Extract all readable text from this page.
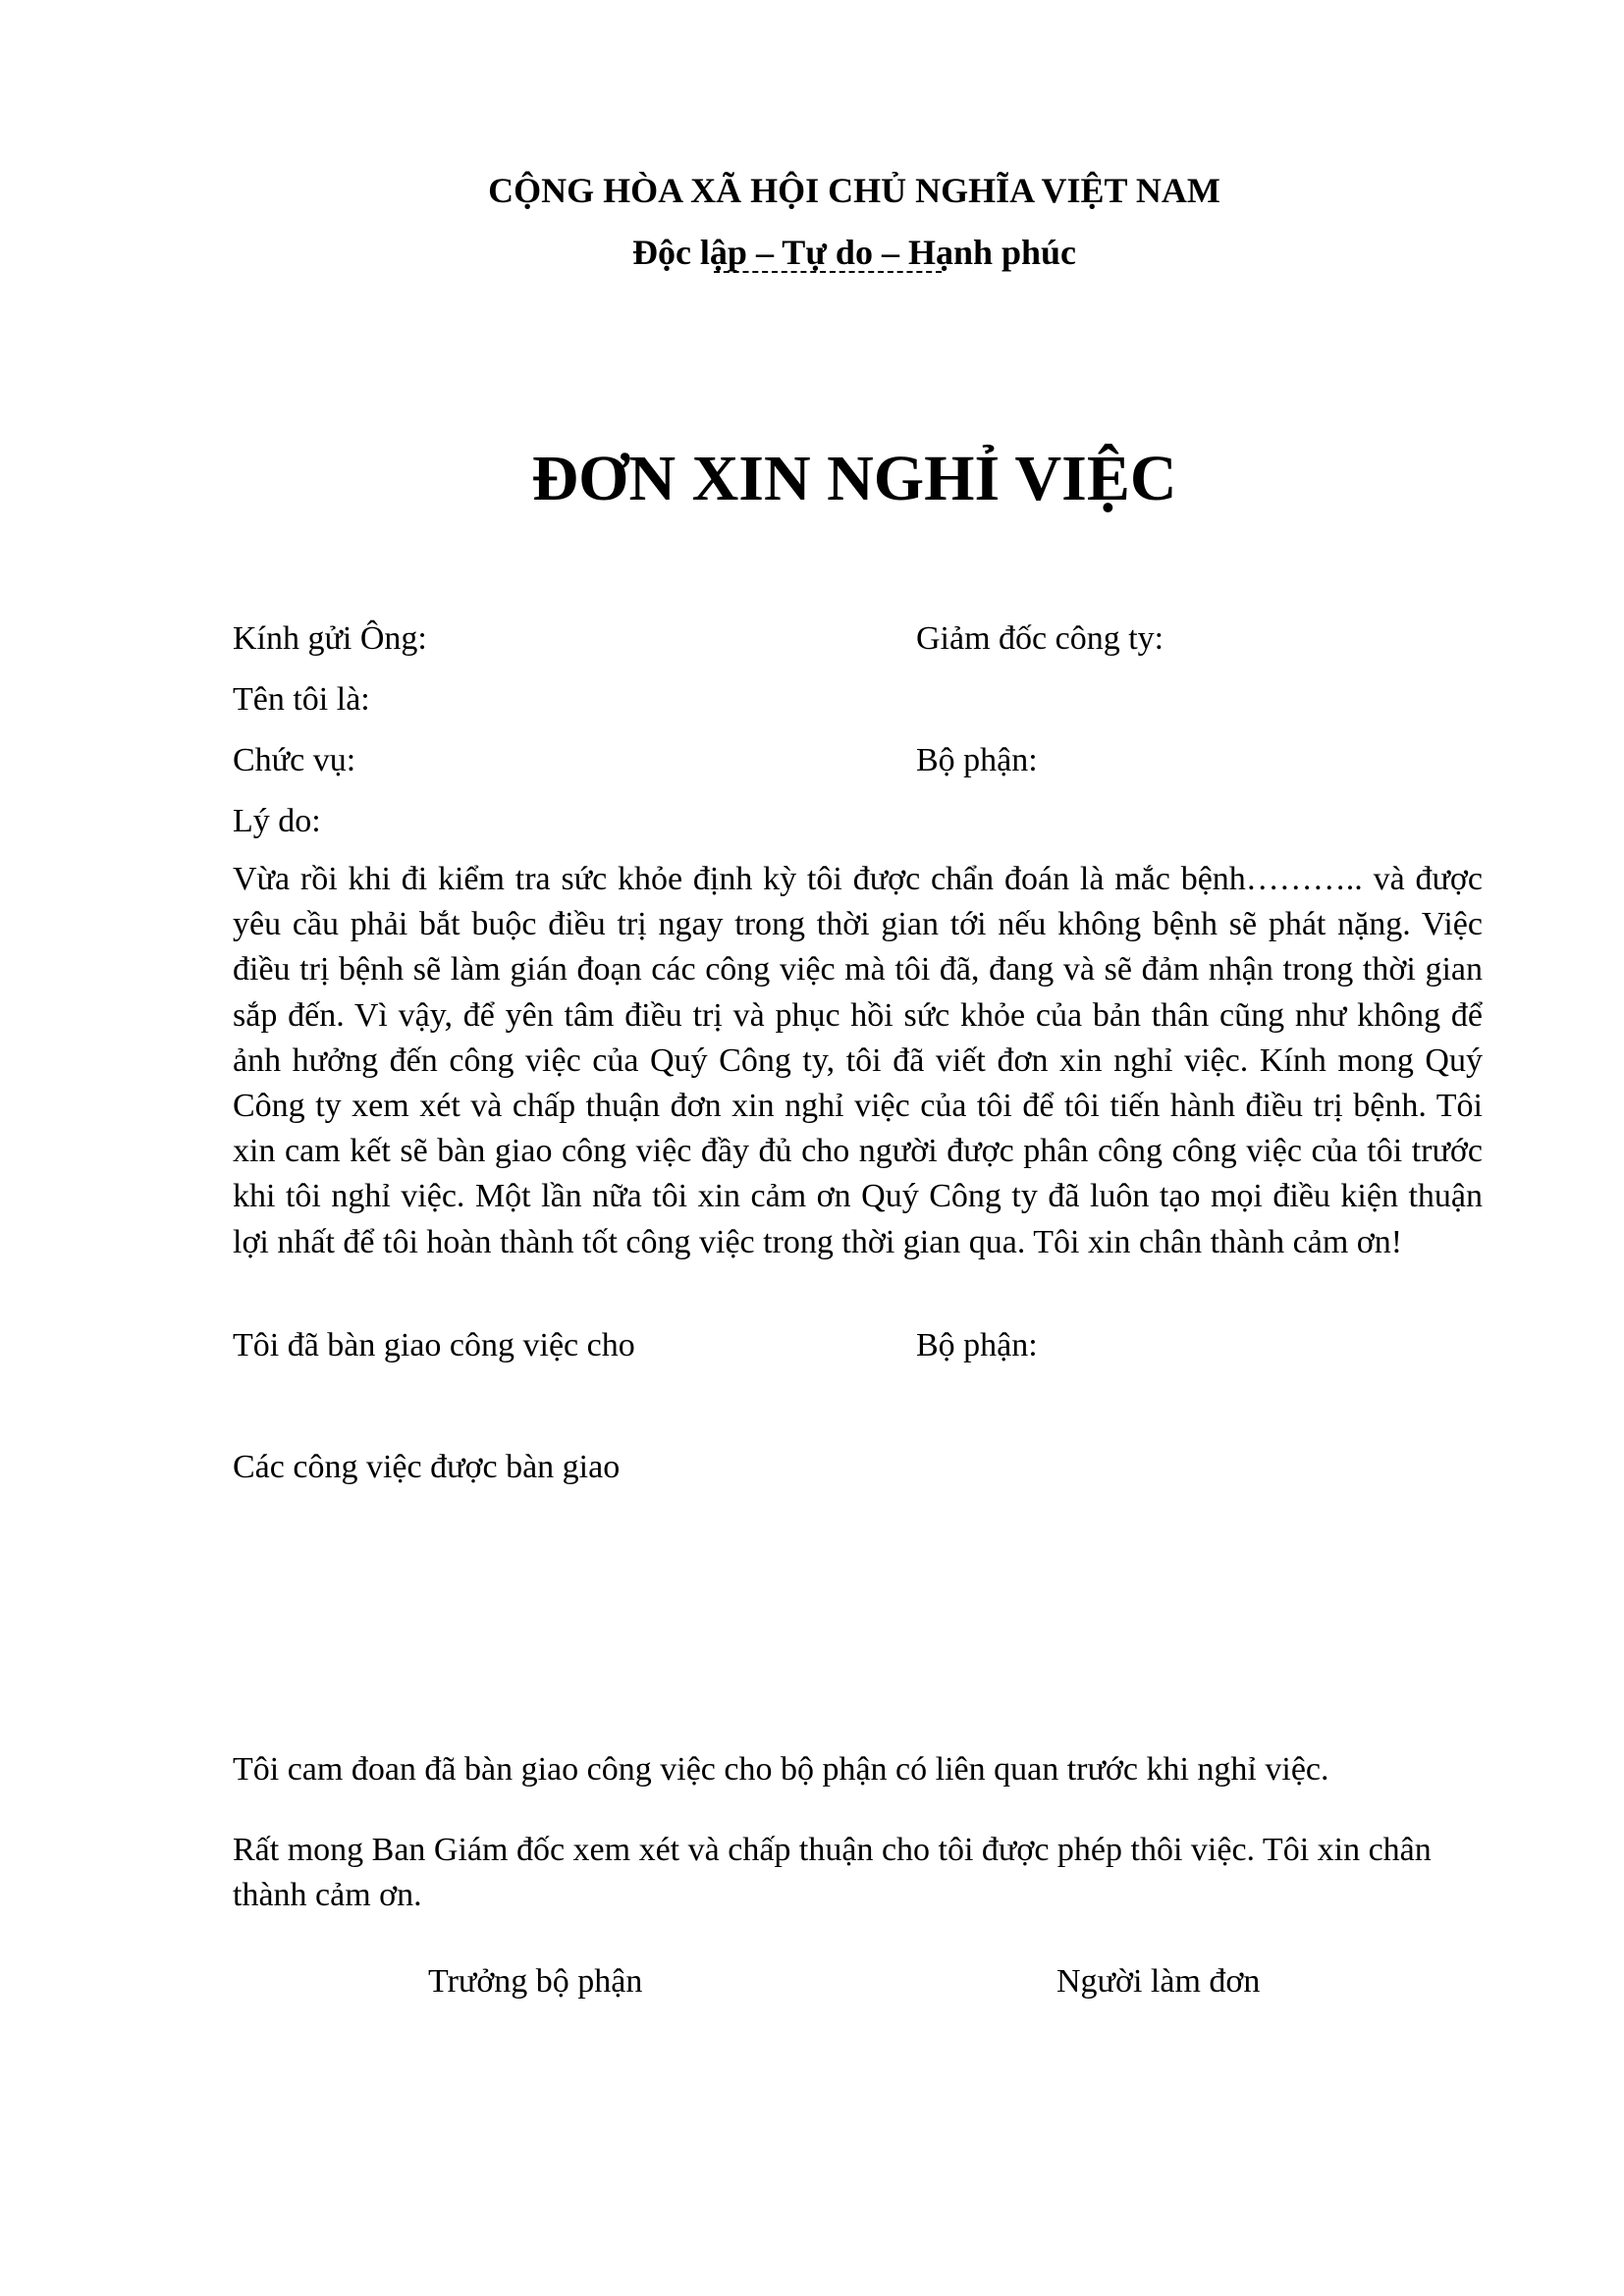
CỘNG HÒA XÃ HỘI CHỦ NGHĨA VIỆT NAM
Độc lập – Tự do – Hạnh phúc
ĐƠN XIN NGHỈ VIỆC
Kính gửi Ông:	Giảm đốc công ty:
Tên tôi là:
Chức vụ:	Bộ phận:
Lý do:
Vừa rồi khi đi kiểm tra sức khỏe định kỳ tôi được chẩn đoán là mắc bệnh……….. và được yêu cầu phải bắt buộc điều trị ngay trong thời gian tới nếu không bệnh sẽ phát nặng. Việc điều trị bệnh sẽ làm gián đoạn các công việc mà tôi đã, đang và sẽ đảm nhận trong thời gian sắp đến. Vì vậy, để yên tâm điều trị và phục hồi sức khỏe của bản thân cũng như không để ảnh hưởng đến công việc của Quý Công ty, tôi đã viết đơn xin nghỉ việc. Kính mong Quý Công ty xem xét và chấp thuận đơn xin nghỉ việc của tôi để tôi tiến hành điều trị bệnh. Tôi xin cam kết sẽ bàn giao công việc đầy đủ cho người được phân công công việc của tôi trước khi tôi nghỉ việc. Một lần nữa tôi xin cảm ơn Quý Công ty đã luôn tạo mọi điều kiện thuận lợi nhất để tôi hoàn thành tốt công việc trong thời gian qua. Tôi xin chân thành cảm ơn!
Tôi đã bàn giao công việc cho	Bộ phận:
Các công việc được bàn giao
Tôi cam đoan đã bàn giao công việc cho bộ phận có liên quan trước khi nghỉ việc.
Rất mong Ban Giám đốc xem xét và chấp thuận cho tôi được phép thôi việc. Tôi xin chân thành cảm ơn.
Trưởng bộ phận	Người làm đơn
